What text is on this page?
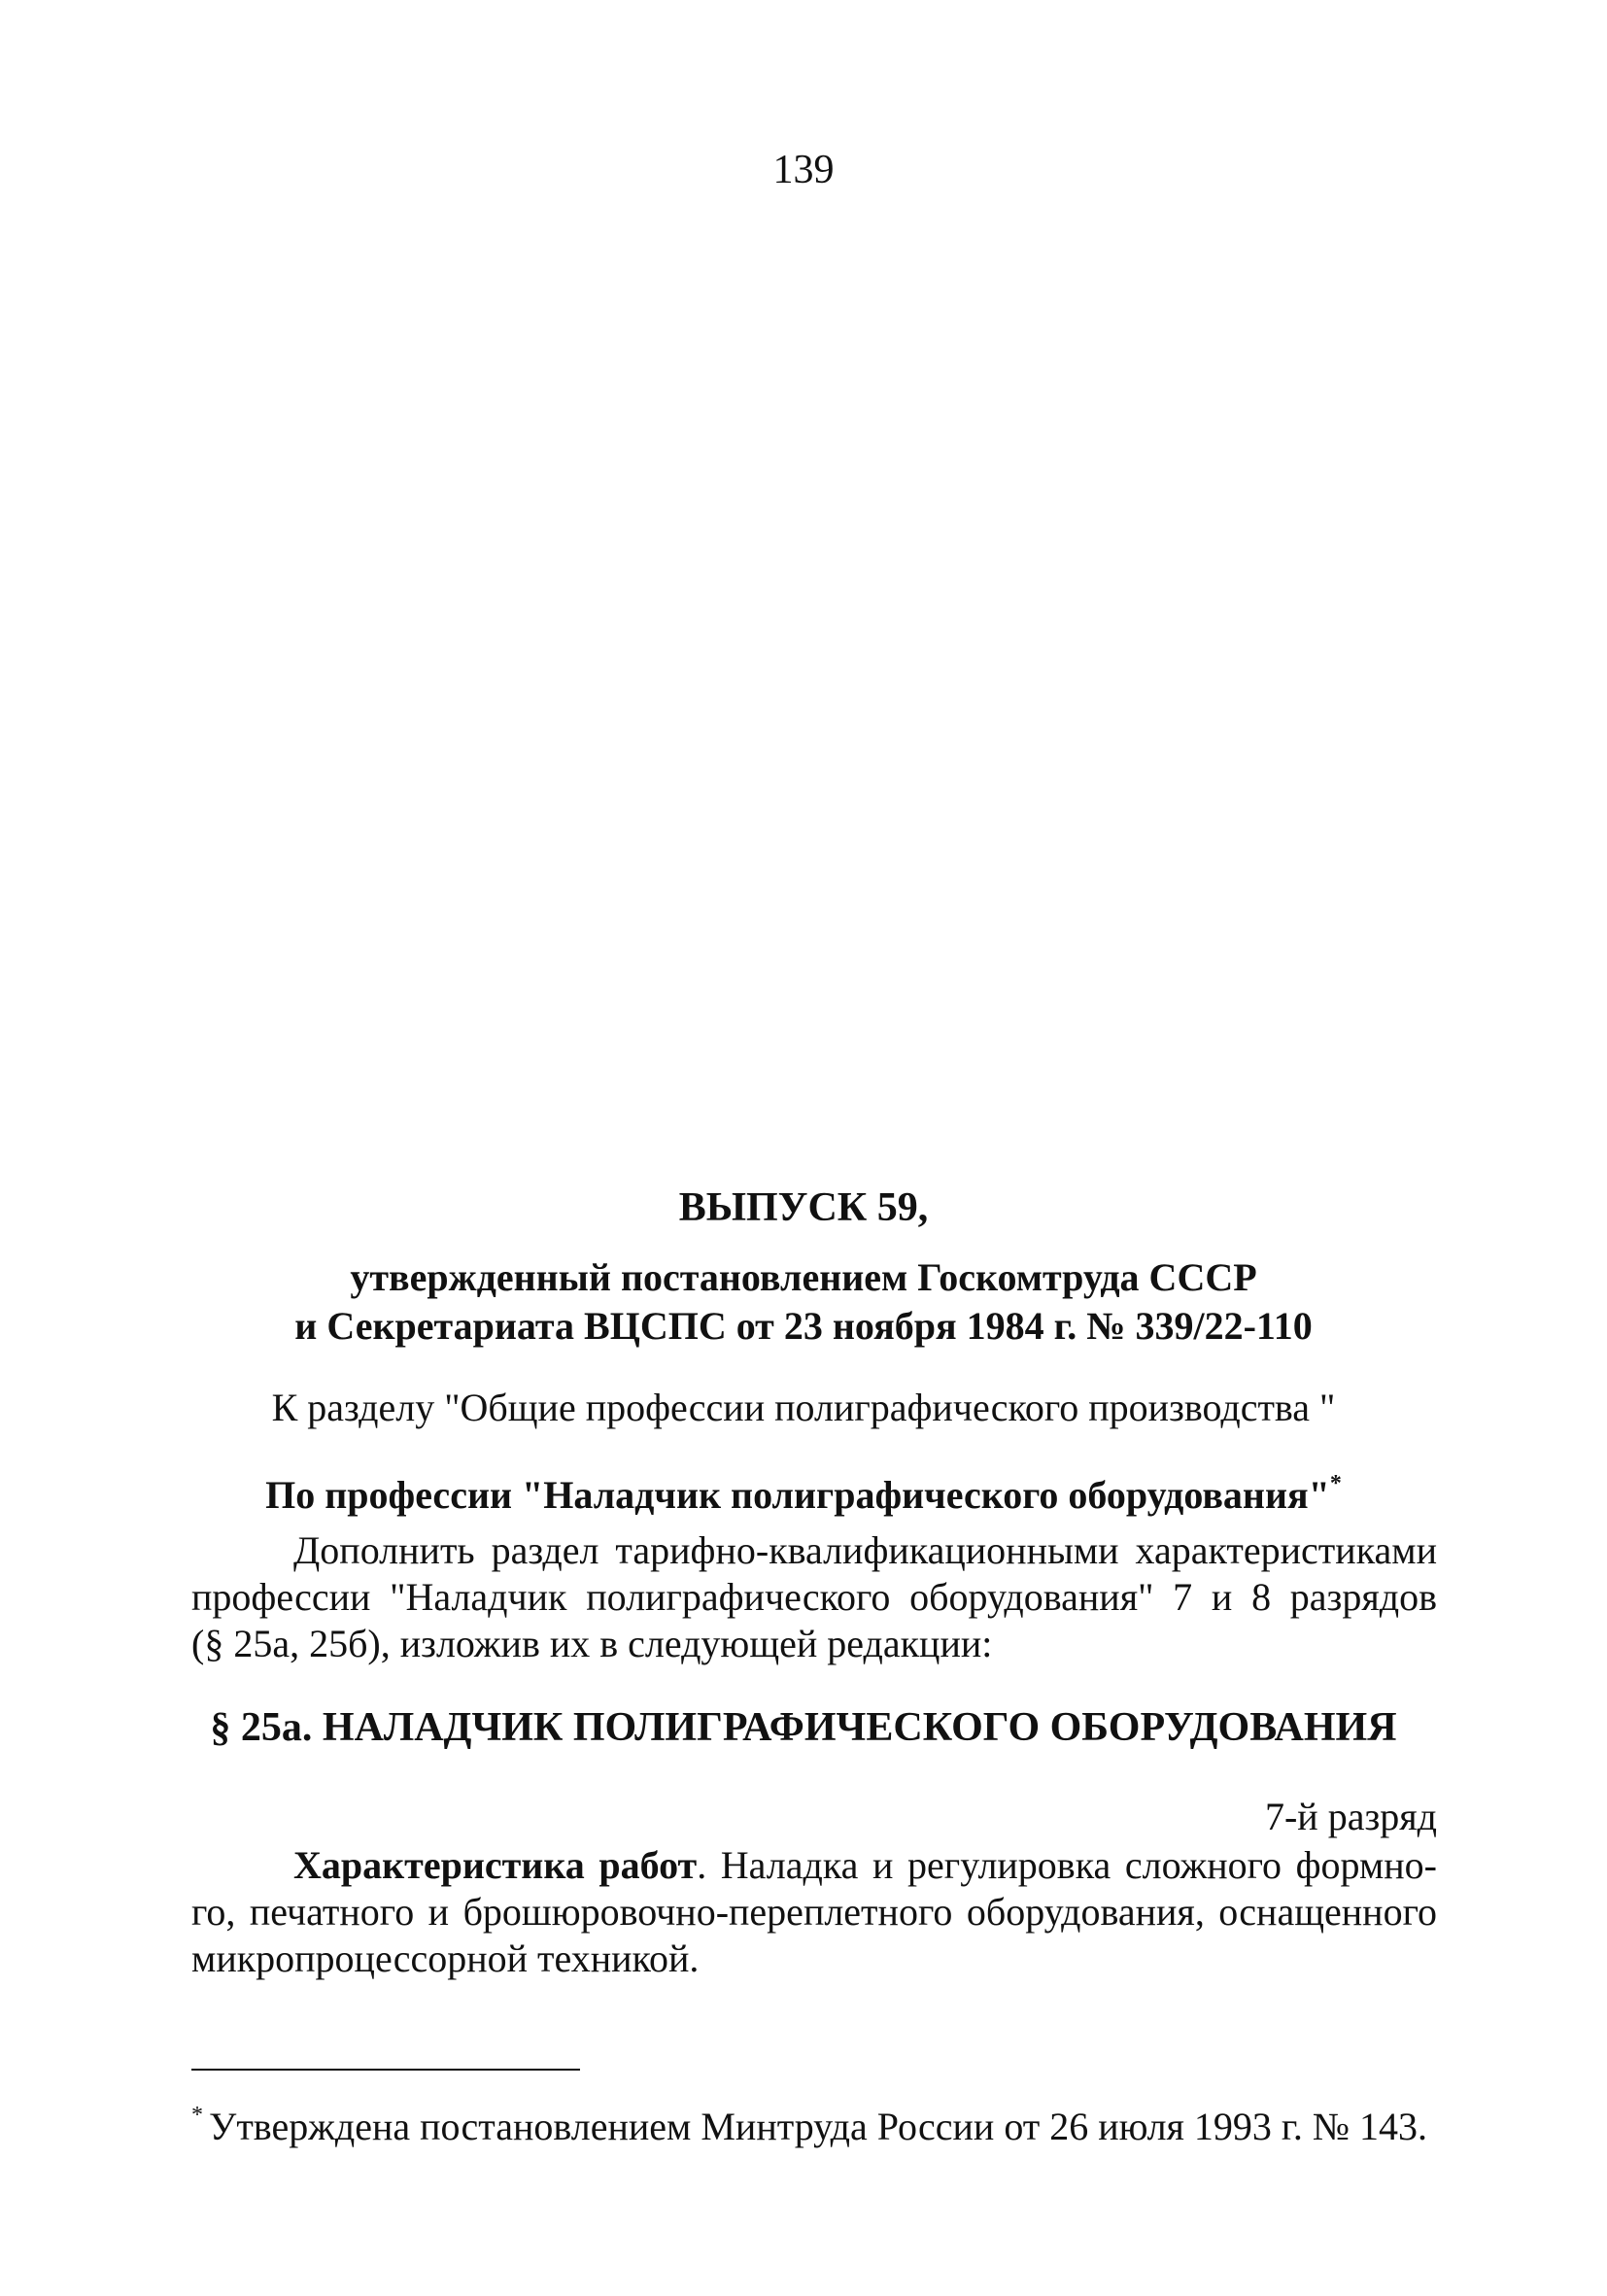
139
ВЫПУСК 59,
утвержденный постановлением Госкомтруда СССР
и Секретариата ВЦСПС от 23 ноября 1984 г. № 339/22-110
К разделу "Общие профессии полиграфического производства "
По профессии "Наладчик полиграфического оборудования"*
Дополнить раздел тарифно-квалификационными характеристиками
профессии "Наладчик полиграфического оборудования" 7 и 8 разрядов
(§ 25а, 25б), изложив их в следующей редакции:
§ 25а. НАЛАДЧИК ПОЛИГРАФИЧЕСКОГО ОБОРУДОВАНИЯ
7-й разряд
Характеристика работ. Наладка и регулировка сложного формно-
го, печатного и брошюровочно-переплетного оборудования, оснащенного
микропроцессорной техникой.
* Утверждена постановлением Минтруда России от 26 июля 1993 г. № 143.
